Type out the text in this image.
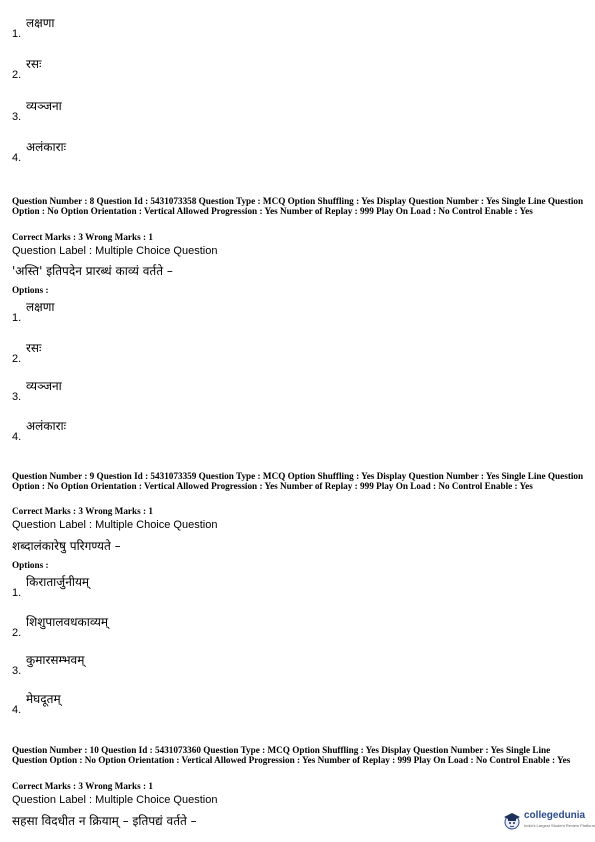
1.
लक्षणा
2.
रसः
3.
व्यञ्जना
4.
अलंकाराः
Question Number : 8 Question Id : 5431073358 Question Type : MCQ Option Shuffling : Yes Display Question Number : Yes Single Line Question Option : No Option Orientation : Vertical Allowed Progression : Yes Number of Replay : 999 Play On Load : No Control Enable : Yes
Correct Marks : 3 Wrong Marks : 1
Question Label : Multiple Choice Question
'अस्ति' इतिपदेन प्रारब्धं काव्यं वर्तते –
Options :
1.
लक्षणा
2.
रसः
3.
व्यञ्जना
4.
अलंकाराः
Question Number : 9 Question Id : 5431073359 Question Type : MCQ Option Shuffling : Yes Display Question Number : Yes Single Line Question Option : No Option Orientation : Vertical Allowed Progression : Yes Number of Replay : 999 Play On Load : No Control Enable : Yes
Correct Marks : 3 Wrong Marks : 1
Question Label : Multiple Choice Question
शब्दालंकारेषु परिगण्यते –
Options :
1.
किरातार्जुनीयम्
2.
शिशुपालवधकाव्यम्
3.
कुमारसम्भवम्
4.
मेघदूतम्
Question Number : 10 Question Id : 5431073360 Question Type : MCQ Option Shuffling : Yes Display Question Number : Yes Single Line Question Option : No Option Orientation : Vertical Allowed Progression : Yes Number of Replay : 999 Play On Load : No Control Enable : Yes
Correct Marks : 3 Wrong Marks : 1
Question Label : Multiple Choice Question
सहसा विदधीत न क्रियाम् – इतिपद्यं वर्तते –	collegedunia
India's Largest Student Review Platform
